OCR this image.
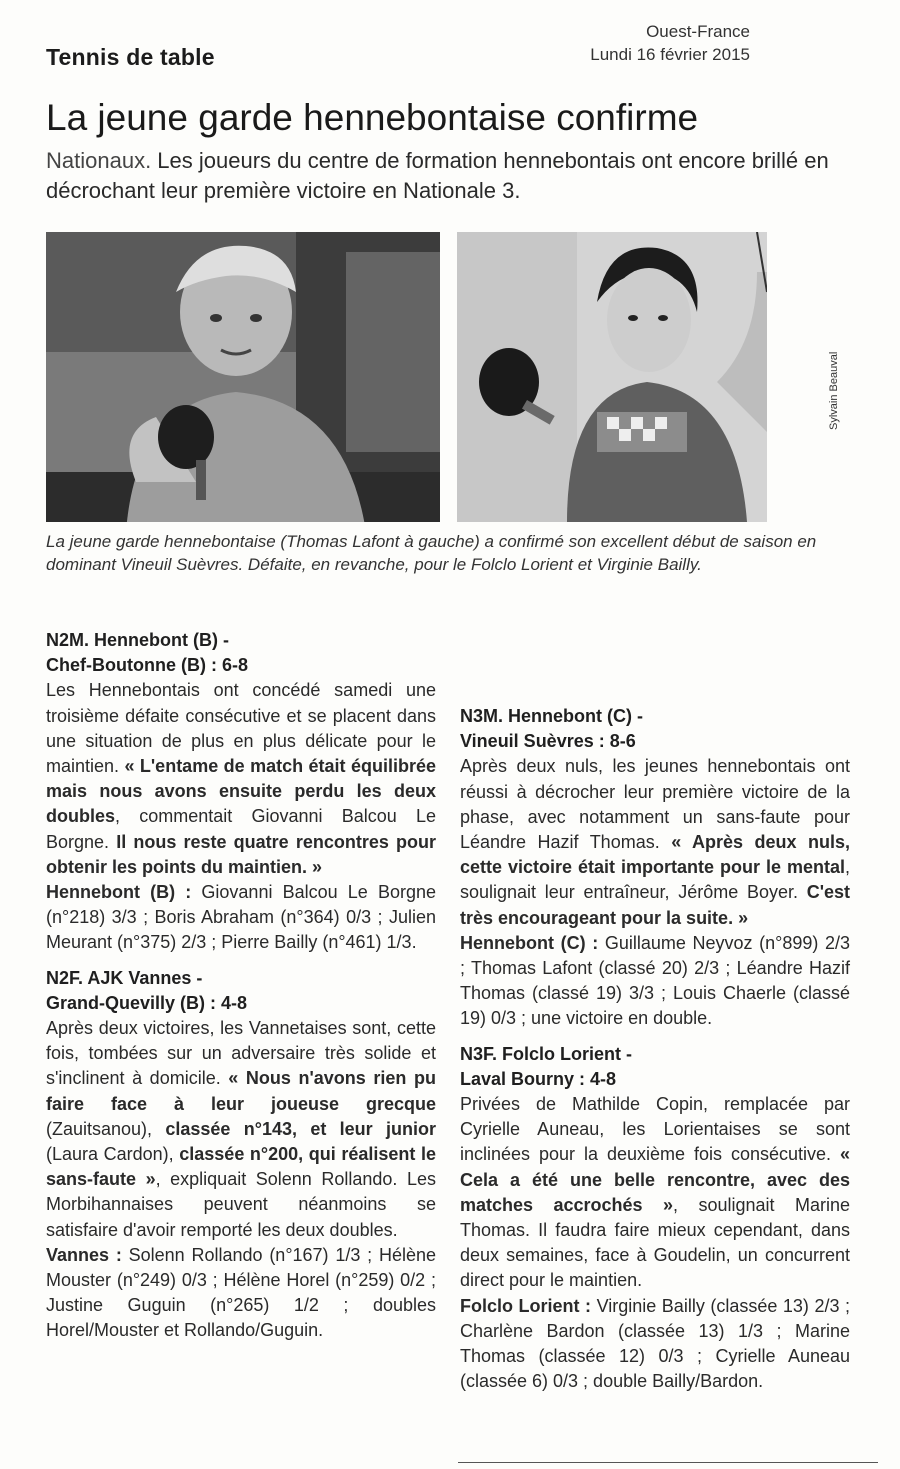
Tennis de table
Ouest-France
Lundi 16 février 2015
La jeune garde hennebontaise confirme
Nationaux. Les joueurs du centre de formation hennebontais ont encore brillé en décrochant leur première victoire en Nationale 3.
Sylvain Beauval
La jeune garde hennebontaise (Thomas Lafont à gauche) a confirmé son excellent début de saison en dominant Vineuil Suèvres. Défaite, en revanche, pour le Folclo Lorient et Virginie Bailly.
N2M. Hennebont (B) -
Chef-Boutonne (B) : 6-8

Les Hennebontais ont concédé samedi une troisième défaite consécutive et se placent dans une situation de plus en plus délicate pour le maintien. « L'entame de match était équilibrée mais nous avons ensuite perdu les deux doubles, commentait Giovanni Balcou Le Borgne. Il nous reste quatre rencontres pour obtenir les points du maintien. »

Hennebont (B) : Giovanni Balcou Le Borgne (n°218) 3/3 ; Boris Abraham (n°364) 0/3 ; Julien Meurant (n°375) 2/3 ; Pierre Bailly (n°461) 1/3.

N2F. AJK Vannes -
Grand-Quevilly (B) : 4-8

Après deux victoires, les Vannetaises sont, cette fois, tombées sur un adversaire très solide et s'inclinent à domicile. « Nous n'avons rien pu faire face à leur joueuse grecque (Zauitsanou), classée n°143, et leur junior (Laura Cardon), classée n°200, qui réalisent le sans-faute », expliquait Solenn Rollando. Les Morbihannaises peuvent néanmoins se satisfaire d'avoir remporté les deux doubles.

Vannes : Solenn Rollando (n°167) 1/3 ; Hélène Mouster (n°249) 0/3 ; Hélène Horel (n°259) 0/2 ; Justine Guguin (n°265) 1/2 ; doubles Horel/Mouster et Rollando/Guguin.

N3M. Hennebont (C) -
Vineuil Suèvres : 8-6

Après deux nuls, les jeunes hennebontais ont réussi à décrocher leur première victoire de la phase, avec notamment un sans-faute pour Léandre Hazif Thomas. « Après deux nuls, cette victoire était importante pour le mental, soulignait leur entraîneur, Jérôme Boyer. C'est très encourageant pour la suite. »

Hennebont (C) : Guillaume Neyvoz (n°899) 2/3 ; Thomas Lafont (classé 20) 2/3 ; Léandre Hazif Thomas (classé 19) 3/3 ; Louis Chaerle (classé 19) 0/3 ; une victoire en double.

N3F. Folclo Lorient -
Laval Bourny : 4-8

Privées de Mathilde Copin, remplacée par Cyrielle Auneau, les Lorientaises se sont inclinées pour la deuxième fois consécutive. « Cela a été une belle rencontre, avec des matches accrochés », soulignait Marine Thomas. Il faudra faire mieux cependant, dans deux semaines, face à Goudelin, un concurrent direct pour le maintien.

Folclo Lorient : Virginie Bailly (classée 13) 2/3 ; Charlène Bardon (classée 13) 1/3 ; Marine Thomas (classée 12) 0/3 ; Cyrielle Auneau (classée 6) 0/3 ; double Bailly/Bardon.
